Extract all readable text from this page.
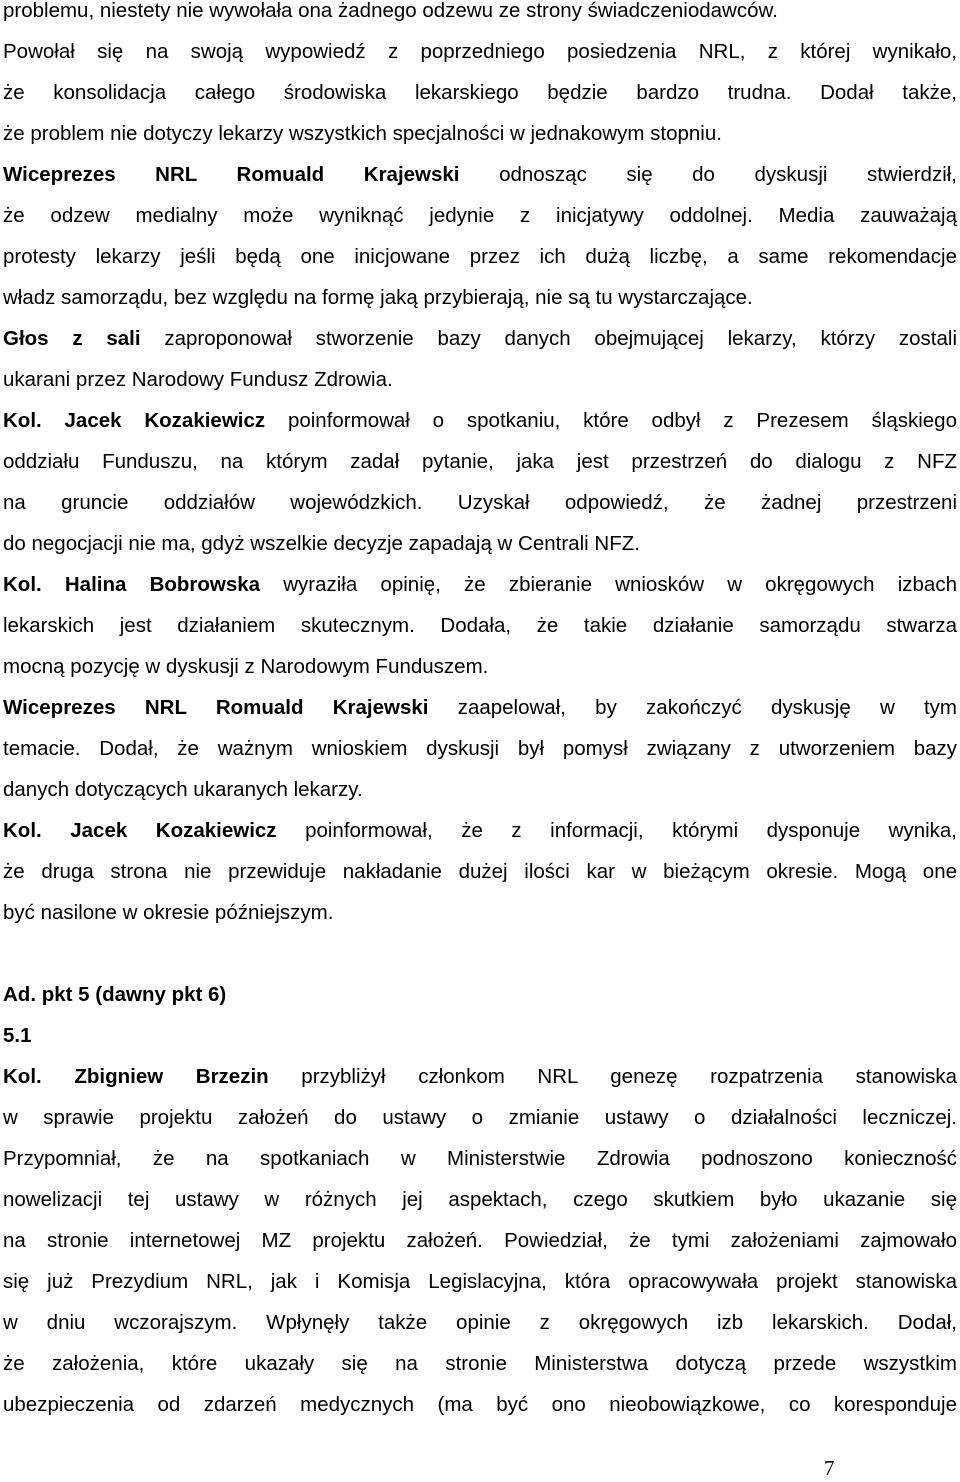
problemu, niestety nie wywołała ona żadnego odzewu ze strony świadczeniodawców.
Powołał się na swoją wypowiedź z poprzedniego posiedzenia NRL, z której wynikało,
że konsolidacja całego środowiska lekarskiego będzie bardzo trudna. Dodał także,
że problem nie dotyczy lekarzy wszystkich specjalności w jednakowym stopniu.
Wiceprezes NRL Romuald Krajewski odnosząc się do dyskusji stwierdził,
że odzew medialny może wyniknąć jedynie z inicjatywy oddolnej. Media zauważają
protesty lekarzy jeśli będą one inicjowane przez ich dużą liczbę, a same rekomendacje
władz samorządu, bez względu na formę jaką przybierają, nie są tu wystarczające.
Głos z sali zaproponował stworzenie bazy danych obejmującej lekarzy, którzy zostali
ukarani przez Narodowy Fundusz Zdrowia.
Kol. Jacek Kozakiewicz poinformował o spotkaniu, które odbył z Prezesem śląskiego
oddziału Funduszu, na którym zadał pytanie, jaka jest przestrzeń do dialogu z NFZ
na gruncie oddziałów wojewódzkich. Uzyskał odpowiedź, że żadnej przestrzeni
do negocjacji nie ma, gdyż wszelkie decyzje zapadają w Centrali NFZ.
Kol. Halina Bobrowska wyraziła opinię, że zbieranie wniosków w okręgowych izbach
lekarskich jest działaniem skutecznym. Dodała, że takie działanie samorządu stwarza
mocną pozycję w dyskusji z Narodowym Funduszem.
Wiceprezes NRL Romuald Krajewski zaapelował, by zakończyć dyskusję w tym
temacie. Dodał, że ważnym wnioskiem dyskusji był pomysł związany z utworzeniem bazy
danych dotyczących ukaranych lekarzy.
Kol. Jacek Kozakiewicz poinformował, że z informacji, którymi dysponuje wynika,
że druga strona nie przewiduje nakładanie dużej ilości kar w bieżącym okresie. Mogą one
być nasilone w okresie późniejszym.
Ad. pkt 5 (dawny pkt 6)
5.1
Kol. Zbigniew Brzezin przybliżył członkom NRL genezę rozpatrzenia stanowiska
w sprawie projektu założeń do ustawy o zmianie ustawy o działalności leczniczej.
Przypomniał, że na spotkaniach w Ministerstwie Zdrowia podnoszono konieczność
nowelizacji tej ustawy w różnych jej aspektach, czego skutkiem było ukazanie się
na stronie internetowej MZ projektu założeń. Powiedział, że tymi założeniami zajmowało
się już Prezydium NRL, jak i Komisja Legislacyjna, która opracowywała projekt stanowiska
w dniu wczorajszym. Wpłynęły także opinie z okręgowych izb lekarskich. Dodał,
że założenia, które ukazały się na stronie Ministerstwa dotyczą przede wszystkim
ubezpieczenia od zdarzeń medycznych (ma być ono nieobowiązkowe, co koresponduje
7
